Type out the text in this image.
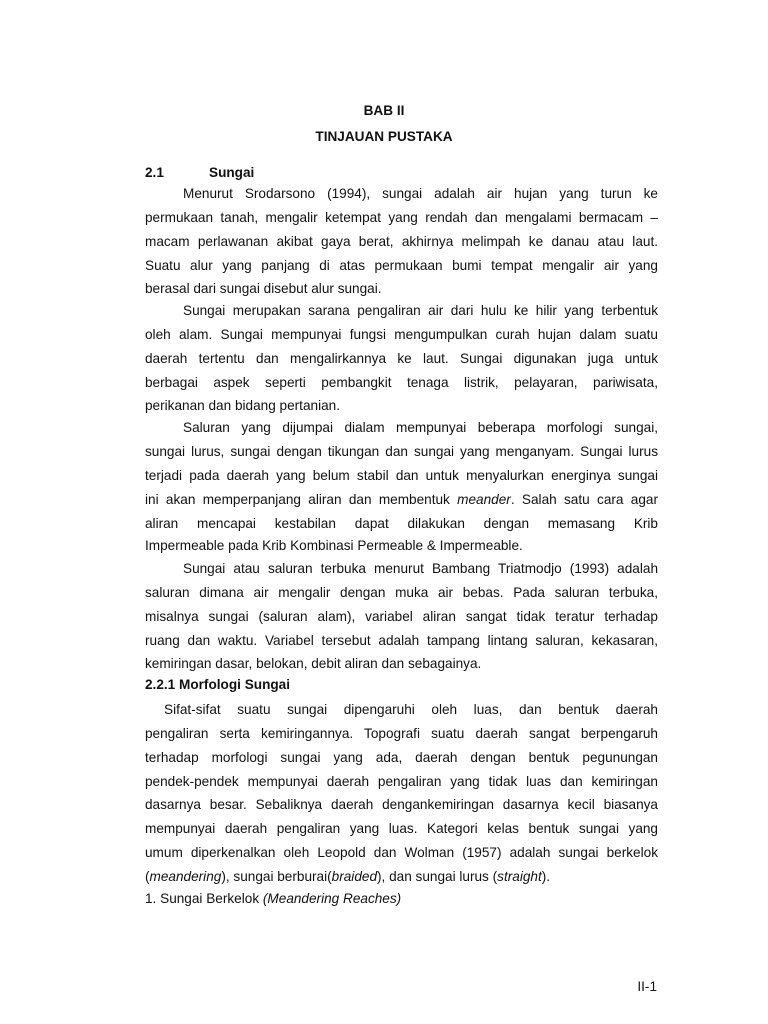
BAB II
TINJAUAN PUSTAKA
2.1	Sungai
Menurut Srodarsono (1994), sungai adalah air hujan yang turun ke
permukaan tanah, mengalir ketempat yang rendah dan mengalami bermacam –
macam perlawanan akibat gaya berat, akhirnya melimpah ke danau atau laut.
Suatu alur yang panjang di atas permukaan bumi tempat mengalir air yang
berasal dari sungai disebut alur sungai.
Sungai merupakan sarana pengaliran air dari hulu ke hilir yang terbentuk
oleh alam. Sungai mempunyai fungsi mengumpulkan curah hujan dalam suatu
daerah tertentu dan mengalirkannya ke laut. Sungai digunakan juga untuk
berbagai aspek seperti pembangkit tenaga listrik, pelayaran, pariwisata,
perikanan dan bidang pertanian.
Saluran yang dijumpai dialam mempunyai beberapa morfologi sungai,
sungai lurus, sungai dengan tikungan dan sungai yang menganyam. Sungai lurus
terjadi pada daerah yang belum stabil dan untuk menyalurkan energinya sungai
ini akan memperpanjang aliran dan membentuk meander. Salah satu cara agar
aliran mencapai kestabilan dapat dilakukan dengan memasang Krib
Impermeable pada Krib Kombinasi Permeable & Impermeable.
Sungai atau saluran terbuka menurut Bambang Triatmodjo (1993) adalah
saluran dimana air mengalir dengan muka air bebas. Pada saluran terbuka,
misalnya sungai (saluran alam), variabel aliran sangat tidak teratur terhadap
ruang dan waktu. Variabel tersebut adalah tampang lintang saluran, kekasaran,
kemiringan dasar, belokan, debit aliran dan sebagainya.
2.2.1 Morfologi Sungai
Sifat-sifat suatu sungai dipengaruhi oleh luas, dan bentuk daerah
pengaliran serta kemiringannya. Topografi suatu daerah sangat berpengaruh
terhadap morfologi sungai yang ada, daerah dengan bentuk pegunungan
pendek-pendek mempunyai daerah pengaliran yang tidak luas dan kemiringan
dasarnya besar. Sebaliknya daerah dengankemiringan dasarnya kecil biasanya
mempunyai daerah pengaliran yang luas. Kategori kelas bentuk sungai yang
umum diperkenalkan oleh Leopold dan Wolman (1957) adalah sungai berkelok
(meandering), sungai berburai(braided), dan sungai lurus (straight).
1. Sungai Berkelok (Meandering Reaches)
II-1
